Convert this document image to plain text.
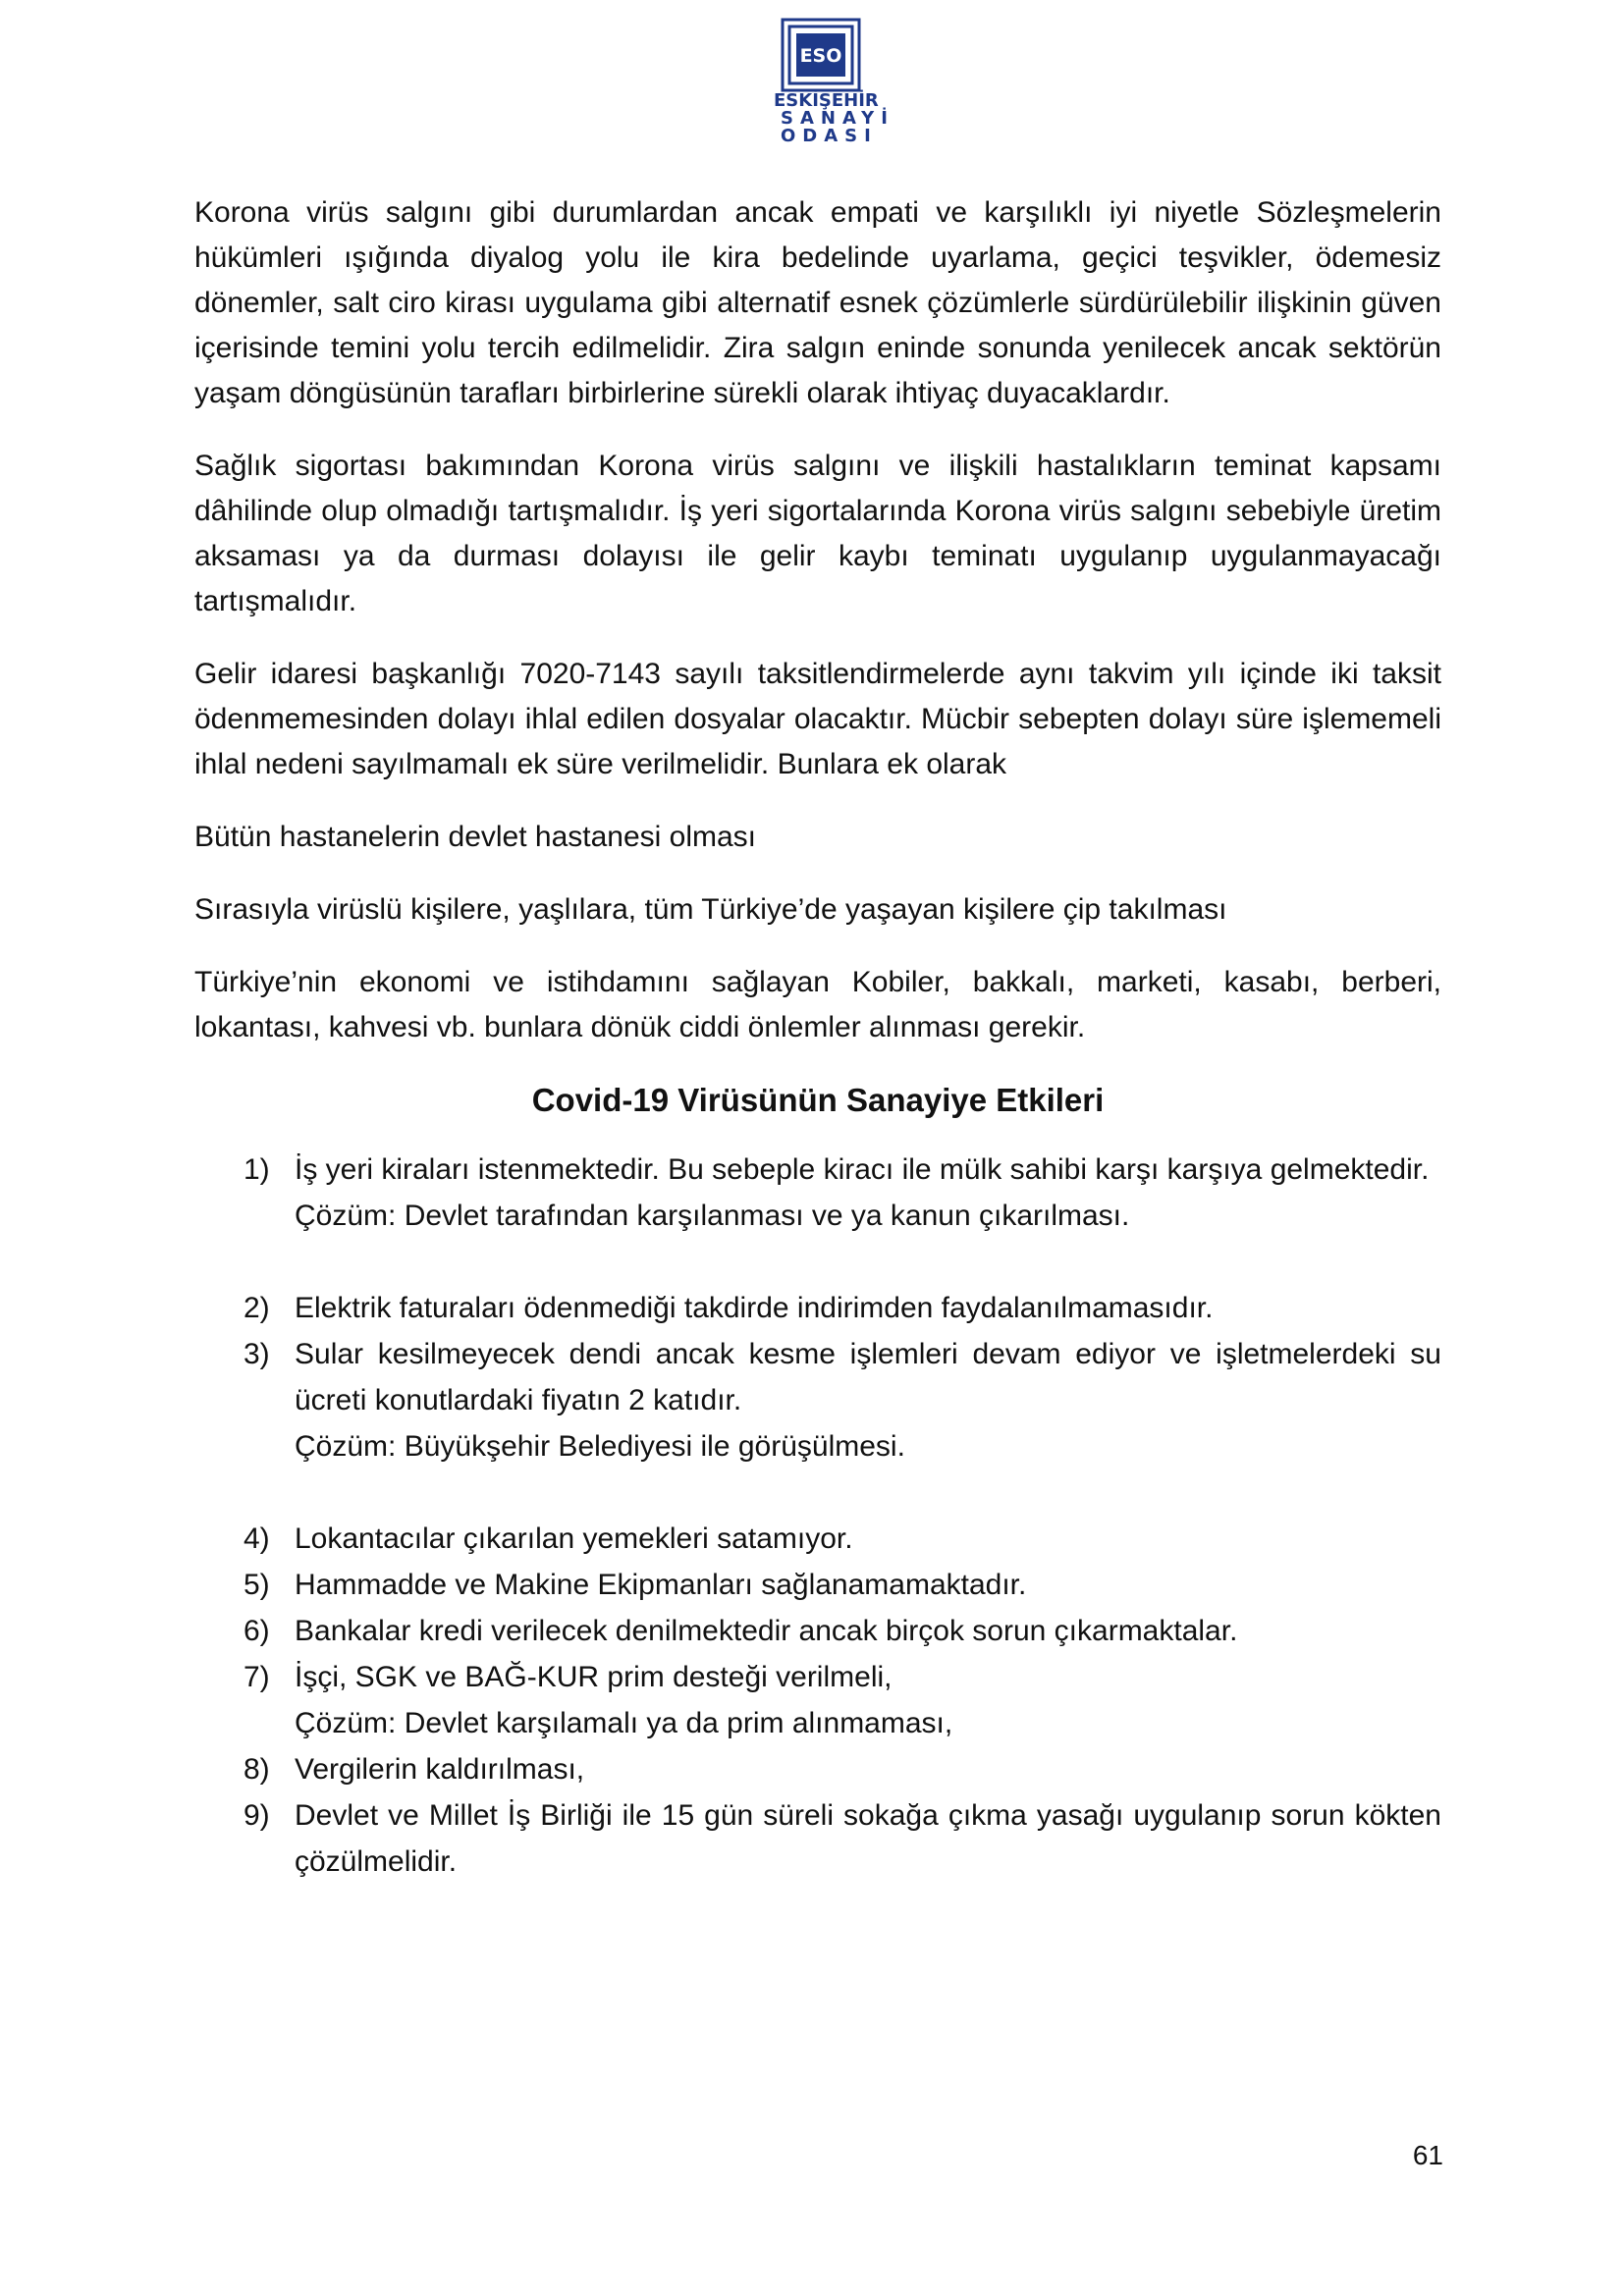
ESO
ESKİŞEHİR
SANAYİ
ODASI

Korona virüs salgını gibi durumlardan ancak empati ve karşılıklı iyi niyetle Sözleşmelerin hükümleri ışığında diyalog yolu ile kira bedelinde uyarlama, geçici teşvikler, ödemesiz dönemler, salt ciro kirası uygulama gibi alternatif esnek çözümlerle sürdürülebilir ilişkinin güven içerisinde temini yolu tercih edilmelidir. Zira salgın eninde sonunda yenilecek ancak sektörün yaşam döngüsünün tarafları birbirlerine sürekli olarak ihtiyaç duyacaklardır.

Sağlık sigortası bakımından Korona virüs salgını ve ilişkili hastalıkların teminat kapsamı dâhilinde olup olmadığı tartışmalıdır. İş yeri sigortalarında Korona virüs salgını sebebiyle üretim aksaması ya da durması dolayısı ile gelir kaybı teminatı uygulanıp uygulanmayacağı tartışmalıdır.

Gelir idaresi başkanlığı 7020-7143 sayılı taksitlendirmelerde aynı takvim yılı içinde iki taksit ödenmemesinden dolayı ihlal edilen dosyalar olacaktır. Mücbir sebepten dolayı süre işlememeli ihlal nedeni sayılmamalı ek süre verilmelidir. Bunlara ek olarak

Bütün hastanelerin devlet hastanesi olması

Sırasıyla virüslü kişilere, yaşlılara, tüm Türkiye’de yaşayan kişilere çip takılması

Türkiye’nin ekonomi ve istihdamını sağlayan Kobiler, bakkalı, marketi, kasabı, berberi, lokantası, kahvesi vb. bunlara dönük ciddi önlemler alınması gerekir.

Covid-19 Virüsünün Sanayiye Etkileri
1) İş yeri kiraları istenmektedir. Bu sebeple kiracı ile mülk sahibi karşı karşıya gelmektedir.
Çözüm: Devlet tarafından karşılanması ve ya kanun çıkarılması.
2) Elektrik faturaları ödenmediği takdirde indirimden faydalanılmamasıdır.
3) Sular kesilmeyecek dendi ancak kesme işlemleri devam ediyor ve işletmelerdeki su ücreti konutlardaki fiyatın 2 katıdır.
Çözüm: Büyükşehir Belediyesi ile görüşülmesi.
4) Lokantacılar çıkarılan yemekleri satamıyor.
5) Hammadde ve Makine Ekipmanları sağlanamamaktadır.
6) Bankalar kredi verilecek denilmektedir ancak birçok sorun çıkarmaktalar.
7) İşçi, SGK ve BAĞ-KUR prim desteği verilmeli,
Çözüm: Devlet karşılamalı ya da prim alınmaması,
8) Vergilerin kaldırılması,
9) Devlet ve Millet İş Birliği ile 15 gün süreli sokağa çıkma yasağı uygulanıp sorun kökten çözülmelidir.
61
